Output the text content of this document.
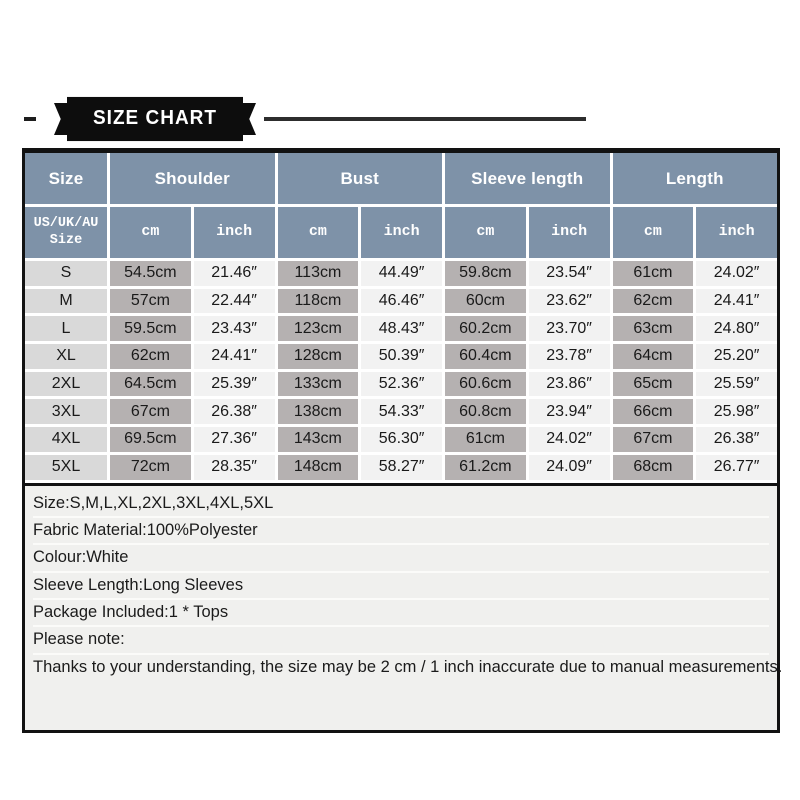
SIZE CHART
Size	Shoulder	Bust	Sleeve length	Length
US/UK/AU
Size	cm	inch	cm	inch	cm	inch	cm	inch
S	54.5cm	21.46″	113cm	44.49″	59.8cm	23.54″	61cm	24.02″
M	57cm	22.44″	118cm	46.46″	60cm	23.62″	62cm	24.41″
L	59.5cm	23.43″	123cm	48.43″	60.2cm	23.70″	63cm	24.80″
XL	62cm	24.41″	128cm	50.39″	60.4cm	23.78″	64cm	25.20″
2XL	64.5cm	25.39″	133cm	52.36″	60.6cm	23.86″	65cm	25.59″
3XL	67cm	26.38″	138cm	54.33″	60.8cm	23.94″	66cm	25.98″
4XL	69.5cm	27.36″	143cm	56.30″	61cm	24.02″	67cm	26.38″
5XL	72cm	28.35″	148cm	58.27″	61.2cm	24.09″	68cm	26.77″
Size:S,M,L,XL,2XL,3XL,4XL,5XL
Fabric Material:100%Polyester
Colour:White
Sleeve Length:Long Sleeves
Package Included:1 * Tops
Please note:
Thanks to your understanding, the size may be 2 cm / 1 inch inaccurate due to manual measurements.
